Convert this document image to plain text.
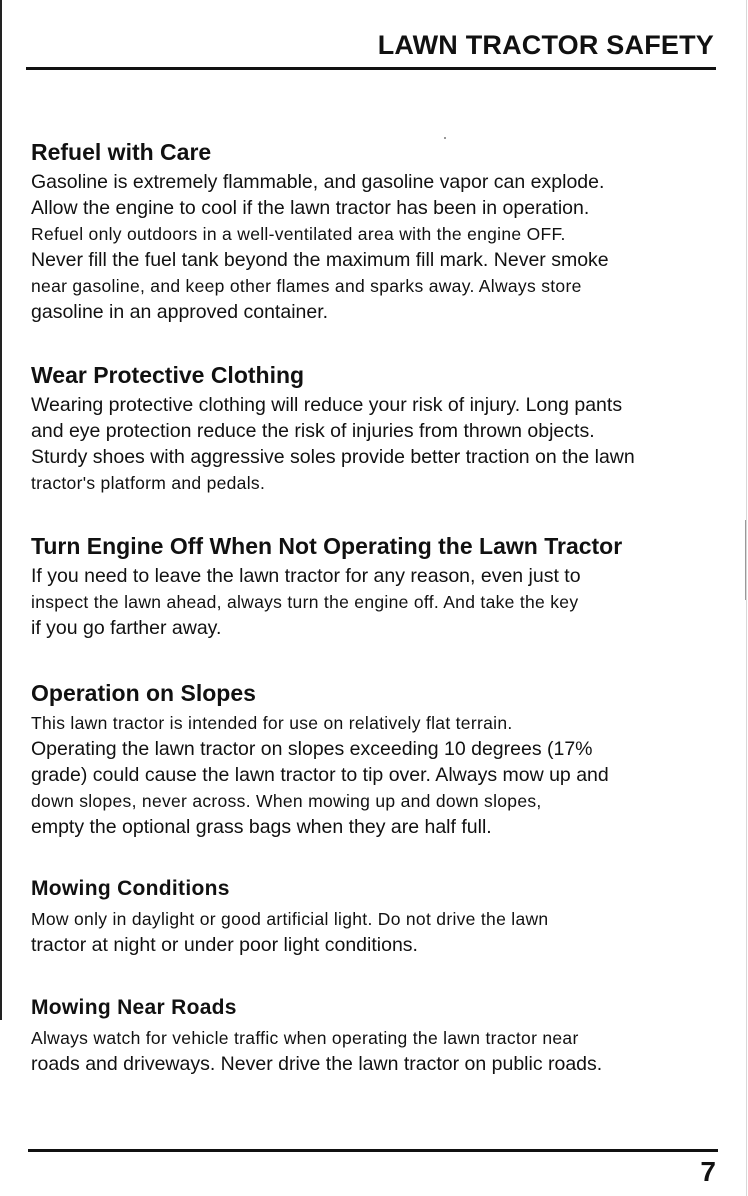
LAWN TRACTOR SAFETY
Refuel with Care
Gasoline is extremely flammable, and gasoline vapor can explode.
Allow the engine to cool if the lawn tractor has been in operation.
Refuel only outdoors in a well-ventilated area with the engine OFF.
Never fill the fuel tank beyond the maximum fill mark. Never smoke
near gasoline, and keep other flames and sparks away. Always store
gasoline in an approved container.
Wear Protective Clothing
Wearing protective clothing will reduce your risk of injury. Long pants
and eye protection reduce the risk of injuries from thrown objects.
Sturdy shoes with aggressive soles provide better traction on the lawn
tractor's platform and pedals.
Turn Engine Off When Not Operating the Lawn Tractor
If you need to leave the lawn tractor for any reason, even just to
inspect the lawn ahead, always turn the engine off. And take the key
if you go farther away.
Operation on Slopes
This lawn tractor is intended for use on relatively flat terrain.
Operating the lawn tractor on slopes exceeding 10 degrees (17%
grade) could cause the lawn tractor to tip over. Always mow up and
down slopes, never across. When mowing up and down slopes,
empty the optional grass bags when they are half full.
Mowing Conditions
Mow only in daylight or good artificial light. Do not drive the lawn
tractor at night or under poor light conditions.
Mowing Near Roads
Always watch for vehicle traffic when operating the lawn tractor near
roads and driveways. Never drive the lawn tractor on public roads.
7
